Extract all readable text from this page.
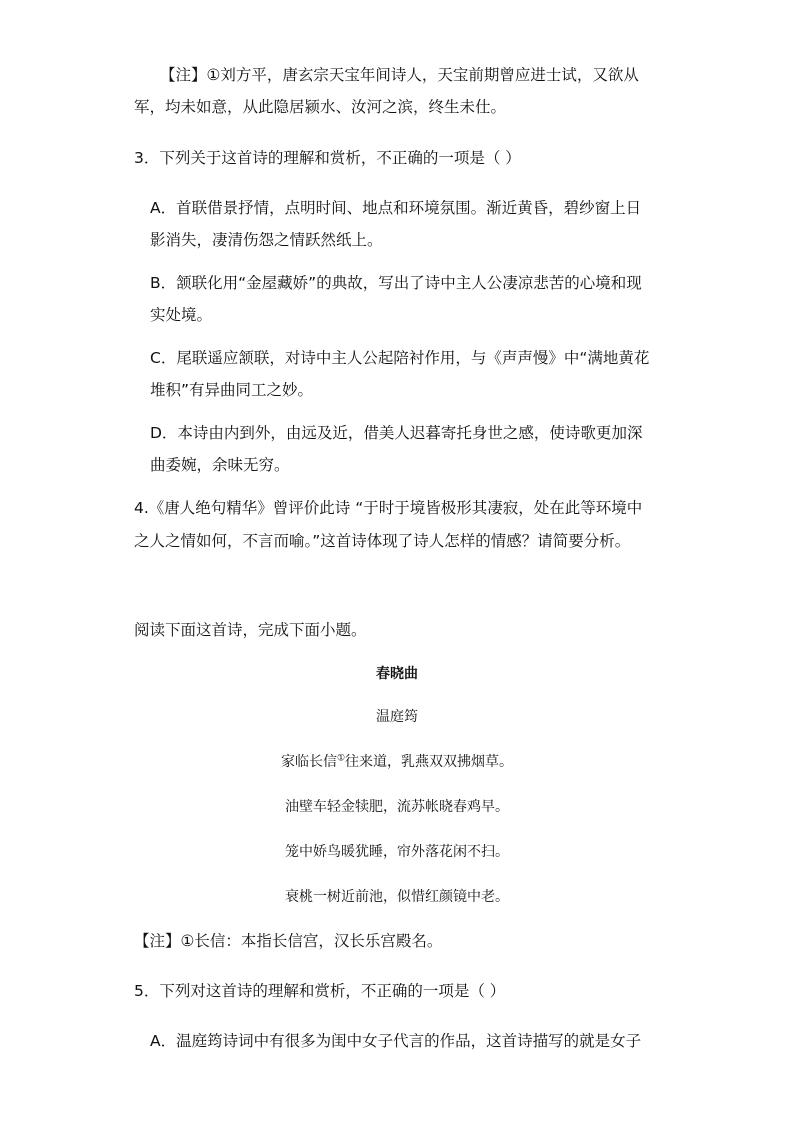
【注】①刘方平，唐玄宗天宝年间诗人，天宝前期曾应进士试，又欲从
军，均未如意，从此隐居颍水、汝河之滨，终生未仕。
3．下列关于这首诗的理解和赏析，不正确的一项是（ ）
A．首联借景抒情，点明时间、地点和环境氛围。渐近黄昏，碧纱窗上日
影消失，凄清伤怨之情跃然纸上。
B．颔联化用“金屋藏娇”的典故，写出了诗中主人公凄凉悲苦的心境和现
实处境。
C．尾联遥应颔联，对诗中主人公起陪衬作用，与《声声慢》中“满地黄花
堆积”有异曲同工之妙。
D．本诗由内到外，由远及近，借美人迟暮寄托身世之感，使诗歌更加深
曲委婉，余味无穷。
4.《唐人绝句精华》曾评价此诗 “于时于境皆极形其凄寂，处在此等环境中
之人之情如何，不言而喻。”这首诗体现了诗人怎样的情感？请简要分析。
阅读下面这首诗，完成下面小题。
春晓曲
温庭筠
家临长信①往来道，乳燕双双拂烟草。
油壁车轻金犊肥，流苏帐晓春鸡早。
笼中娇鸟暖犹睡，帘外落花闲不扫。
衰桃一树近前池，似惜红颜镜中老。
【注】①长信：本指长信宫，汉长乐宫殿名。
5．下列对这首诗的理解和赏析，不正确的一项是（ ）
A．温庭筠诗词中有很多为闺中女子代言的作品，这首诗描写的就是女子
